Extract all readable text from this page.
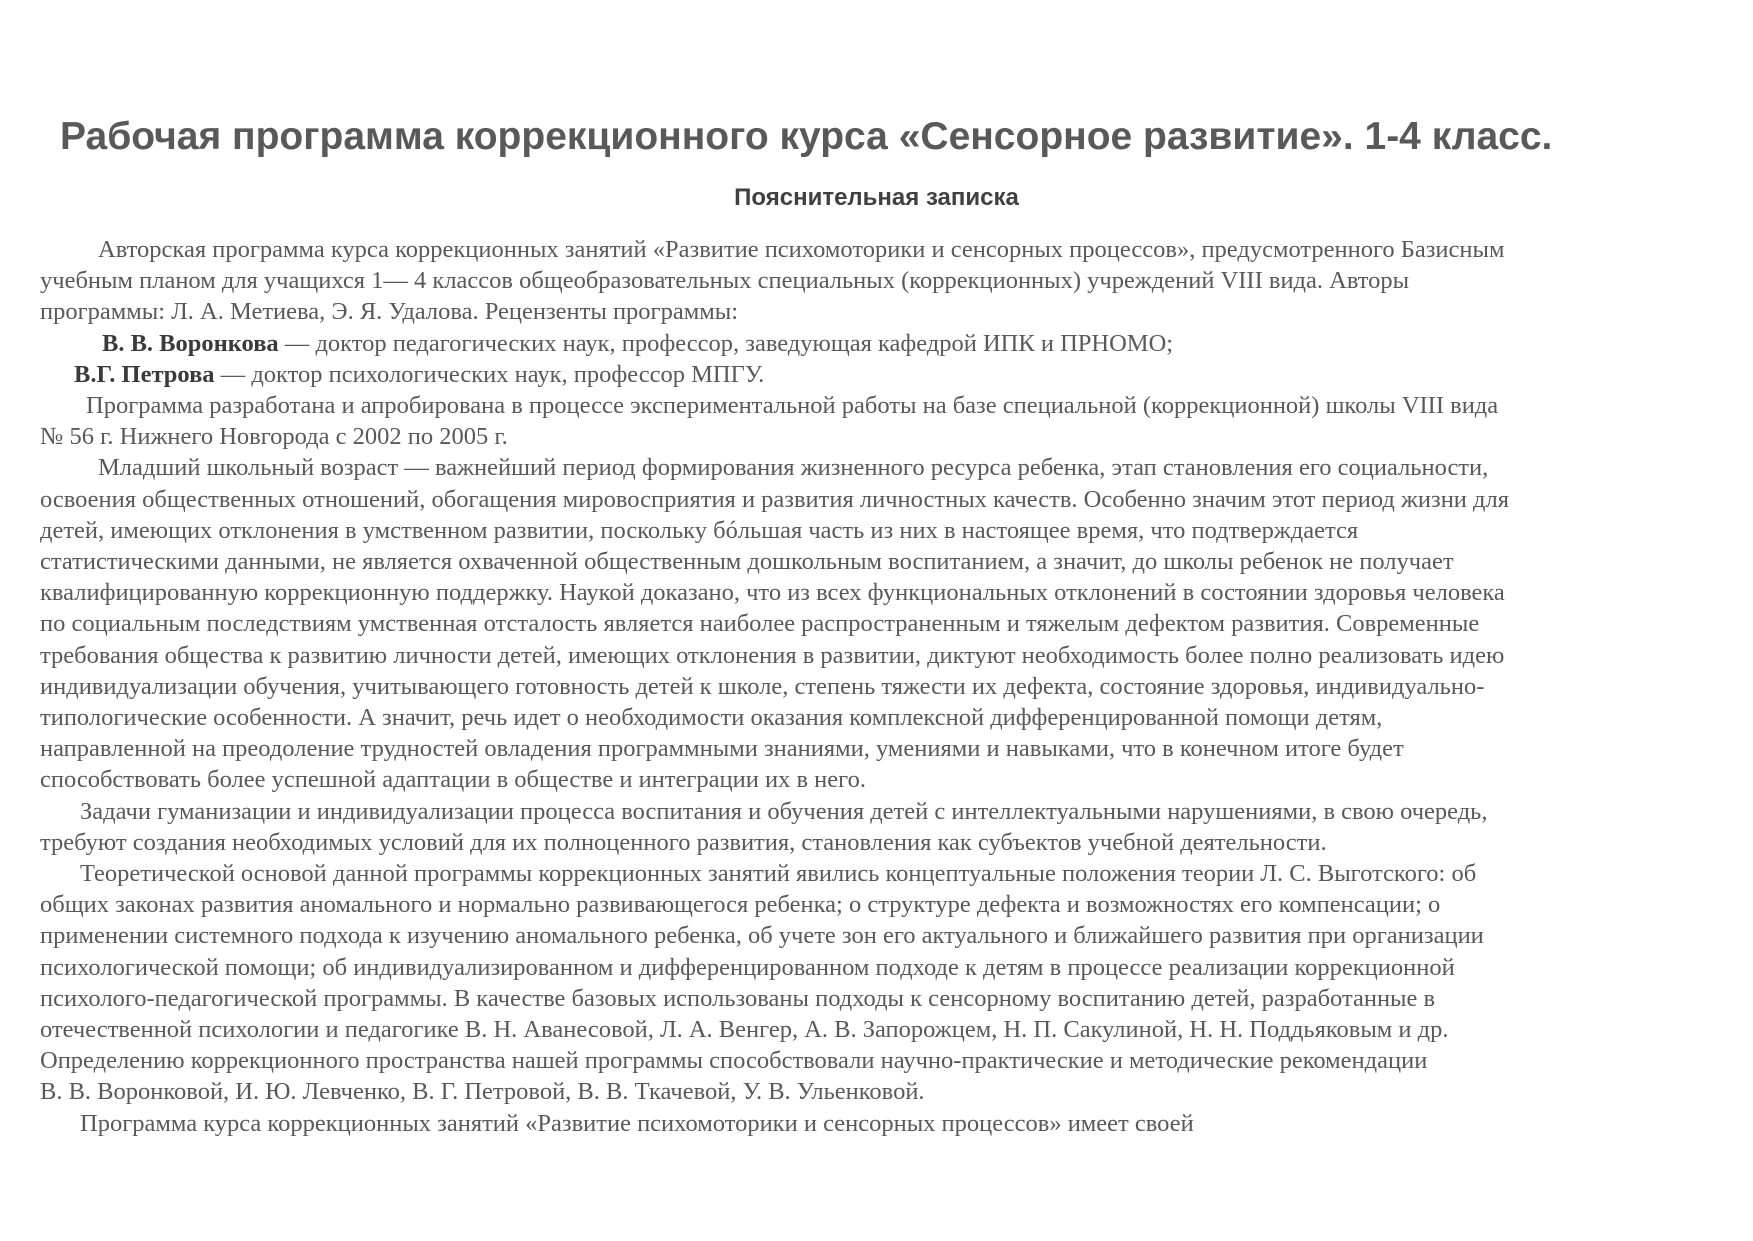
Рабочая программа коррекционного курса «Сенсорное развитие». 1-4 класс.
Пояснительная записка
Авторская программа курса коррекционных занятий «Развитие психомоторики и сенсорных процессов», предусмотренного Базисным
учебным планом для учащихся 1— 4 классов общеобразовательных специальных (коррекционных) учреждений VIII вида. Авторы
программы: Л. А. Метиева, Э. Я. Удалова. Рецензенты программы:
В. В. Воронкова — доктор педагогических наук, профессор, заведующая кафедрой ИПК и ПРНОМО;
В.Г. Петрова — доктор психологических наук, профессор МПГУ.
Программа разработана и апробирована в процессе экспериментальной работы на базе специальной (коррекционной) школы VIII вида
№ 56 г. Нижнего Новгорода с 2002 по 2005 г.
Младший школьный возраст — важнейший период формирования жизненного ресурса ребенка, этап становления его социальности,
освоения общественных отношений, обогащения мировосприятия и развития личностных качеств. Особенно значим этот период жизни для
детей, имеющих отклонения в умственном развитии, поскольку бóльшая часть из них в настоящее время, что подтверждается
статистическими данными, не является охваченной общественным дошкольным воспитанием, а значит, до школы ребенок не получает
квалифицированную коррекционную поддержку. Наукой доказано, что из всех функциональных отклонений в состоянии здоровья человека
по социальным последствиям умственная отсталость является наиболее распространенным и тяжелым дефектом развития. Современные
требования общества к развитию личности детей, имеющих отклонения в развитии, диктуют необходимость более полно реализовать идею
индивидуализации обучения, учитывающего готовность детей к школе, степень тяжести их дефекта, состояние здоровья, индивидуально-
типологические особенности. А значит, речь идет о необходимости оказания комплексной дифференцированной помощи детям,
направленной на преодоление трудностей овладения программными знаниями, умениями и навыками, что в конечном итоге будет
способствовать более успешной адаптации в обществе и интеграции их в него.
Задачи гуманизации и индивидуализации процесса воспитания и обучения детей с интеллектуальными нарушениями, в свою очередь,
требуют создания необходимых условий для их полноценного развития, становления как субъектов учебной деятельности.
Теоретической основой данной программы коррекционных занятий явились концептуальные положения теории Л. С. Выготского: об
общих законах развития аномального и нормально развивающегося ребенка; о структуре дефекта и возможностях его компенсации; о
применении системного подхода к изучению аномального ребенка, об учете зон его актуального и ближайшего развития при организации
психологической помощи; об индивидуализированном и дифференцированном подходе к детям в процессе реализации коррекционной
психолого-педагогической программы. В качестве базовых использованы подходы к сенсорному воспитанию детей, разработанные в
отечественной психологии и педагогике В. Н. Аванесовой, Л. А. Венгер, А. В. Запорожцем, Н. П. Сакулиной, Н. Н. Поддьяковым и др.
Определению коррекционного пространства нашей программы способствовали научно-практические и методические рекомендации
В. В. Воронковой, И. Ю. Левченко, В. Г. Петровой, В. В. Ткачевой, У. В. Ульенковой.
Программа курса коррекционных занятий «Развитие психомоторики и сенсорных процессов» имеет своей
